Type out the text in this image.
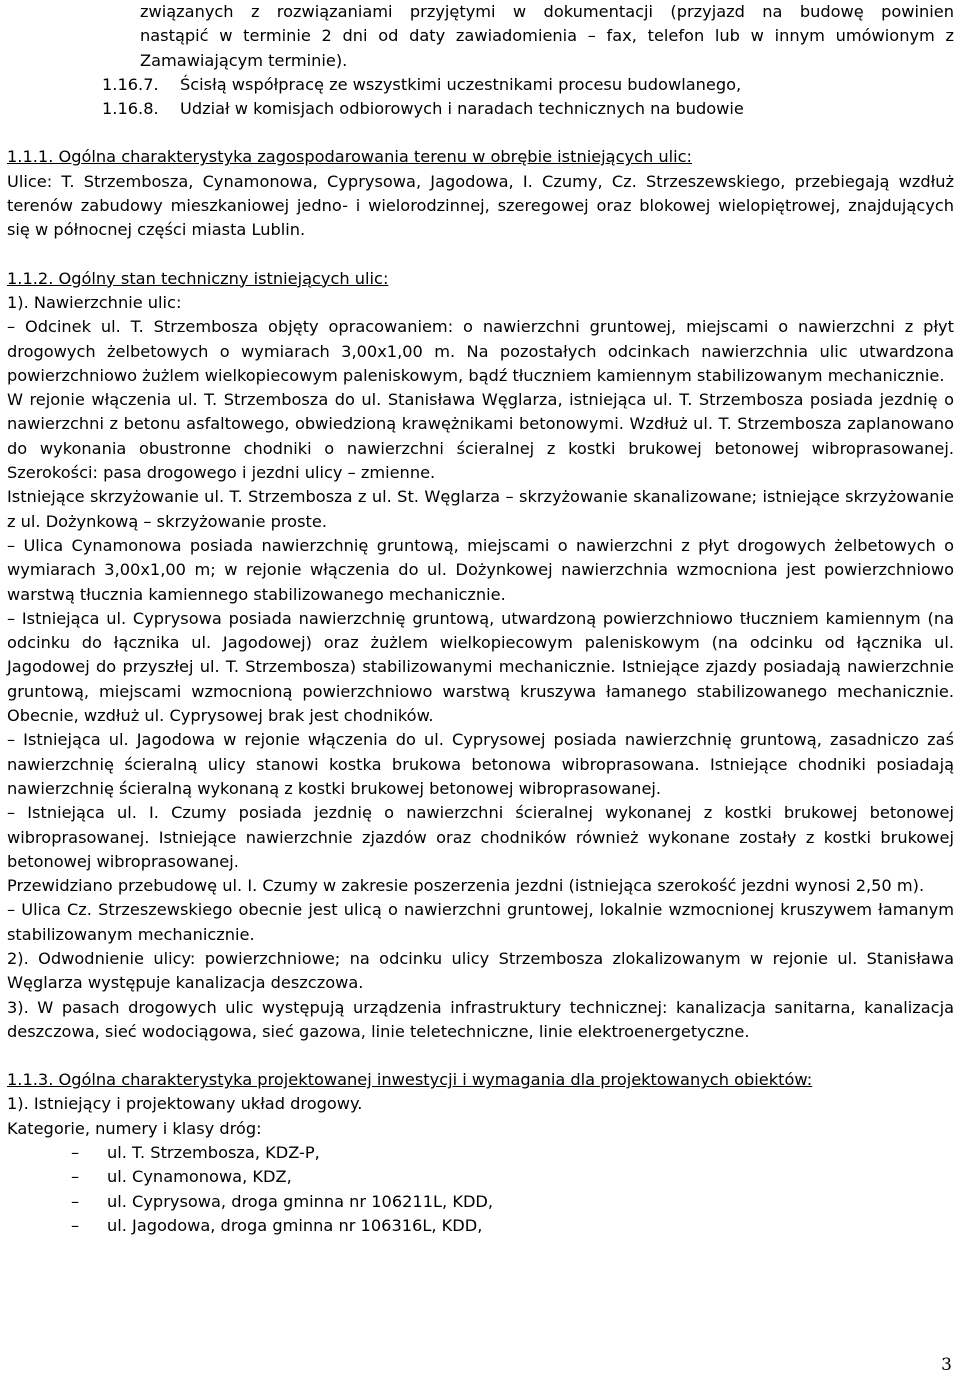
związanych z rozwiązaniami przyjętymi w dokumentacji (przyjazd na budowę powinien

nastąpić w terminie 2 dni od daty zawiadomienia – fax, telefon lub w innym umówionym z

Zamawiającym terminie).

1.16.7. Ścisłą współpracę ze wszystkimi uczestnikami procesu budowlanego,

1.16.8. Udział w komisjach odbiorowych i naradach technicznych na budowie

1.1.1. Ogólna charakterystyka zagospodarowania terenu w obrębie istniejących ulic:

Ulice: T. Strzembosza, Cynamonowa, Cyprysowa, Jagodowa, I. Czumy, Cz. Strzeszewskiego, przebiegają wzdłuż terenów zabudowy mieszkaniowej jedno- i wielorodzinnej, szeregowej oraz blokowej wielopiętrowej, znajdujących się w północnej części miasta Lublin.

1.1.2. Ogólny stan techniczny istniejących ulic:

1). Nawierzchnie ulic:

– Odcinek ul. T. Strzembosza objęty opracowaniem: o nawierzchni gruntowej, miejscami o nawierzchni z płyt drogowych żelbetowych o wymiarach 3,00x1,00 m. Na pozostałych odcinkach nawierzchnia ulic utwardzona powierzchniowo żużlem wielkopiecowym paleniskowym, bądź tłuczniem kamiennym stabilizowanym mechanicznie.

W rejonie włączenia ul. T. Strzembosza do ul. Stanisława Węglarza, istniejąca ul. T. Strzembosza posiada jezdnię o nawierzchni z betonu asfaltowego, obwiedzioną krawężnikami betonowymi. Wzdłuż ul. T. Strzembosza zaplanowano do wykonania obustronne chodniki o nawierzchni ścieralnej z kostki brukowej betonowej wibroprasowanej. Szerokości: pasa drogowego i jezdni ulicy – zmienne.

Istniejące skrzyżowanie ul. T. Strzembosza z ul. St. Węglarza – skrzyżowanie skanalizowane; istniejące skrzyżowanie z ul. Dożynkową – skrzyżowanie proste.

– Ulica Cynamonowa posiada nawierzchnię gruntową, miejscami o nawierzchni z płyt drogowych żelbetowych o wymiarach 3,00x1,00 m; w rejonie włączenia do ul. Dożynkowej nawierzchnia wzmocniona jest powierzchniowo warstwą tłucznia kamiennego stabilizowanego mechanicznie.

– Istniejąca ul. Cyprysowa posiada nawierzchnię gruntową, utwardzoną powierzchniowo tłuczniem kamiennym (na odcinku do łącznika ul. Jagodowej) oraz żużlem wielkopiecowym paleniskowym (na odcinku od łącznika ul. Jagodowej do przyszłej ul. T. Strzembosza) stabilizowanymi mechanicznie. Istniejące zjazdy posiadają nawierzchnie gruntową, miejscami wzmocnioną powierzchniowo warstwą kruszywa łamanego stabilizowanego mechanicznie. Obecnie, wzdłuż ul. Cyprysowej brak jest chodników.

– Istniejąca ul. Jagodowa w rejonie włączenia do ul. Cyprysowej posiada nawierzchnię gruntową, zasadniczo zaś nawierzchnię ścieralną ulicy stanowi kostka brukowa betonowa wibroprasowana. Istniejące chodniki posiadają nawierzchnię ścieralną wykonaną z kostki brukowej betonowej wibroprasowanej.

– Istniejąca ul. I. Czumy posiada jezdnię o nawierzchni ścieralnej wykonanej z kostki brukowej betonowej wibroprasowanej. Istniejące nawierzchnie zjazdów oraz chodników również wykonane zostały z kostki brukowej betonowej wibroprasowanej.

Przewidziano przebudowę ul. I. Czumy w zakresie poszerzenia jezdni (istniejąca szerokość jezdni wynosi 2,50 m).

– Ulica Cz. Strzeszewskiego obecnie jest ulicą o nawierzchni gruntowej, lokalnie wzmocnionej kruszywem łamanym stabilizowanym mechanicznie.

2). Odwodnienie ulicy: powierzchniowe; na odcinku ulicy Strzembosza zlokalizowanym w rejonie ul. Stanisława Węglarza występuje kanalizacja deszczowa.

3). W pasach drogowych ulic występują urządzenia infrastruktury technicznej: kanalizacja sanitarna, kanalizacja deszczowa, sieć wodociągowa, sieć gazowa, linie teletechniczne, linie elektroenergetyczne.

1.1.3. Ogólna charakterystyka projektowanej inwestycji i wymagania dla projektowanych obiektów:

1). Istniejący i projektowany układ drogowy.

Kategorie, numery i klasy dróg:

–	ul. T. Strzembosza, KDZ-P,
–	ul. Cynamonowa, KDZ,
–	ul. Cyprysowa, droga gminna nr 106211L, KDD,
–	ul. Jagodowa, droga gminna nr 106316L, KDD,
3
